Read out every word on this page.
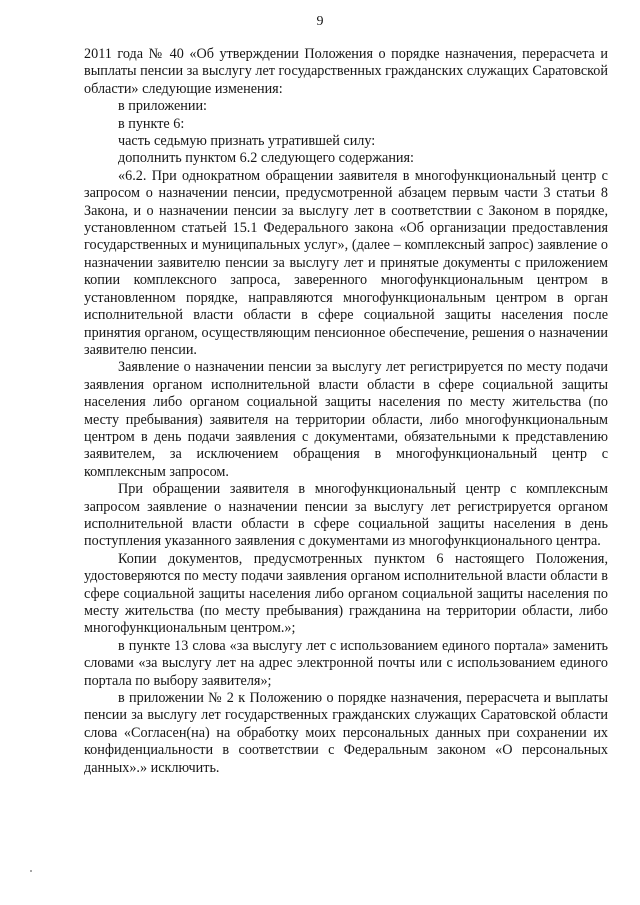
9

2011 года № 40 «Об утверждении Положения о порядке назначения, перерасчета и выплаты пенсии за выслугу лет государственных гражданских служащих Саратовской области» следующие изменения:

в приложении:

в пункте 6:

часть седьмую признать утратившей силу:

дополнить пунктом 6.2 следующего содержания:

«6.2. При однократном обращении заявителя в многофункциональный центр с запросом о назначении пенсии, предусмотренной абзацем первым части 3 статьи 8 Закона, и о назначении пенсии за выслугу лет в соответствии с Законом в порядке, установленном статьей 15.1 Федерального закона «Об организации предоставления государственных и муниципальных услуг», (далее – комплексный запрос) заявление о назначении заявителю пенсии за выслугу лет и принятые документы с приложением копии комплексного запроса, заверенного многофункциональным центром в установленном порядке, направляются многофункциональным центром в орган исполнительной власти области в сфере социальной защиты населения после принятия органом, осуществляющим пенсионное обеспечение, решения о назначении заявителю пенсии.

Заявление о назначении пенсии за выслугу лет регистрируется по месту подачи заявления органом исполнительной власти области в сфере социальной защиты населения либо органом социальной защиты населения по месту жительства (по месту пребывания) заявителя на территории области, либо многофункциональным центром в день подачи заявления с документами, обязательными к представлению заявителем, за исключением обращения в многофункциональный центр с комплексным запросом.

При обращении заявителя в многофункциональный центр с комплексным запросом заявление о назначении пенсии за выслугу лет регистрируется органом исполнительной власти области в сфере социальной защиты населения в день поступления указанного заявления с документами из многофункционального центра.

Копии документов, предусмотренных пунктом 6 настоящего Положения, удостоверяются по месту подачи заявления органом исполнительной власти области в сфере социальной защиты населения либо органом социальной защиты населения по месту жительства (по месту пребывания) гражданина на территории области, либо многофункциональным центром.»;

в пункте 13 слова «за выслугу лет с использованием единого портала» заменить словами «за выслугу лет на адрес электронной почты или с использованием единого портала по выбору заявителя»;

в приложении № 2 к Положению о порядке назначения, перерасчета и выплаты пенсии за выслугу лет государственных гражданских служащих Саратовской области слова «Согласен(на) на обработку моих персональных данных при сохранении их конфиденциальности в соответствии с Федеральным законом «О персональных данных».» исключить.
